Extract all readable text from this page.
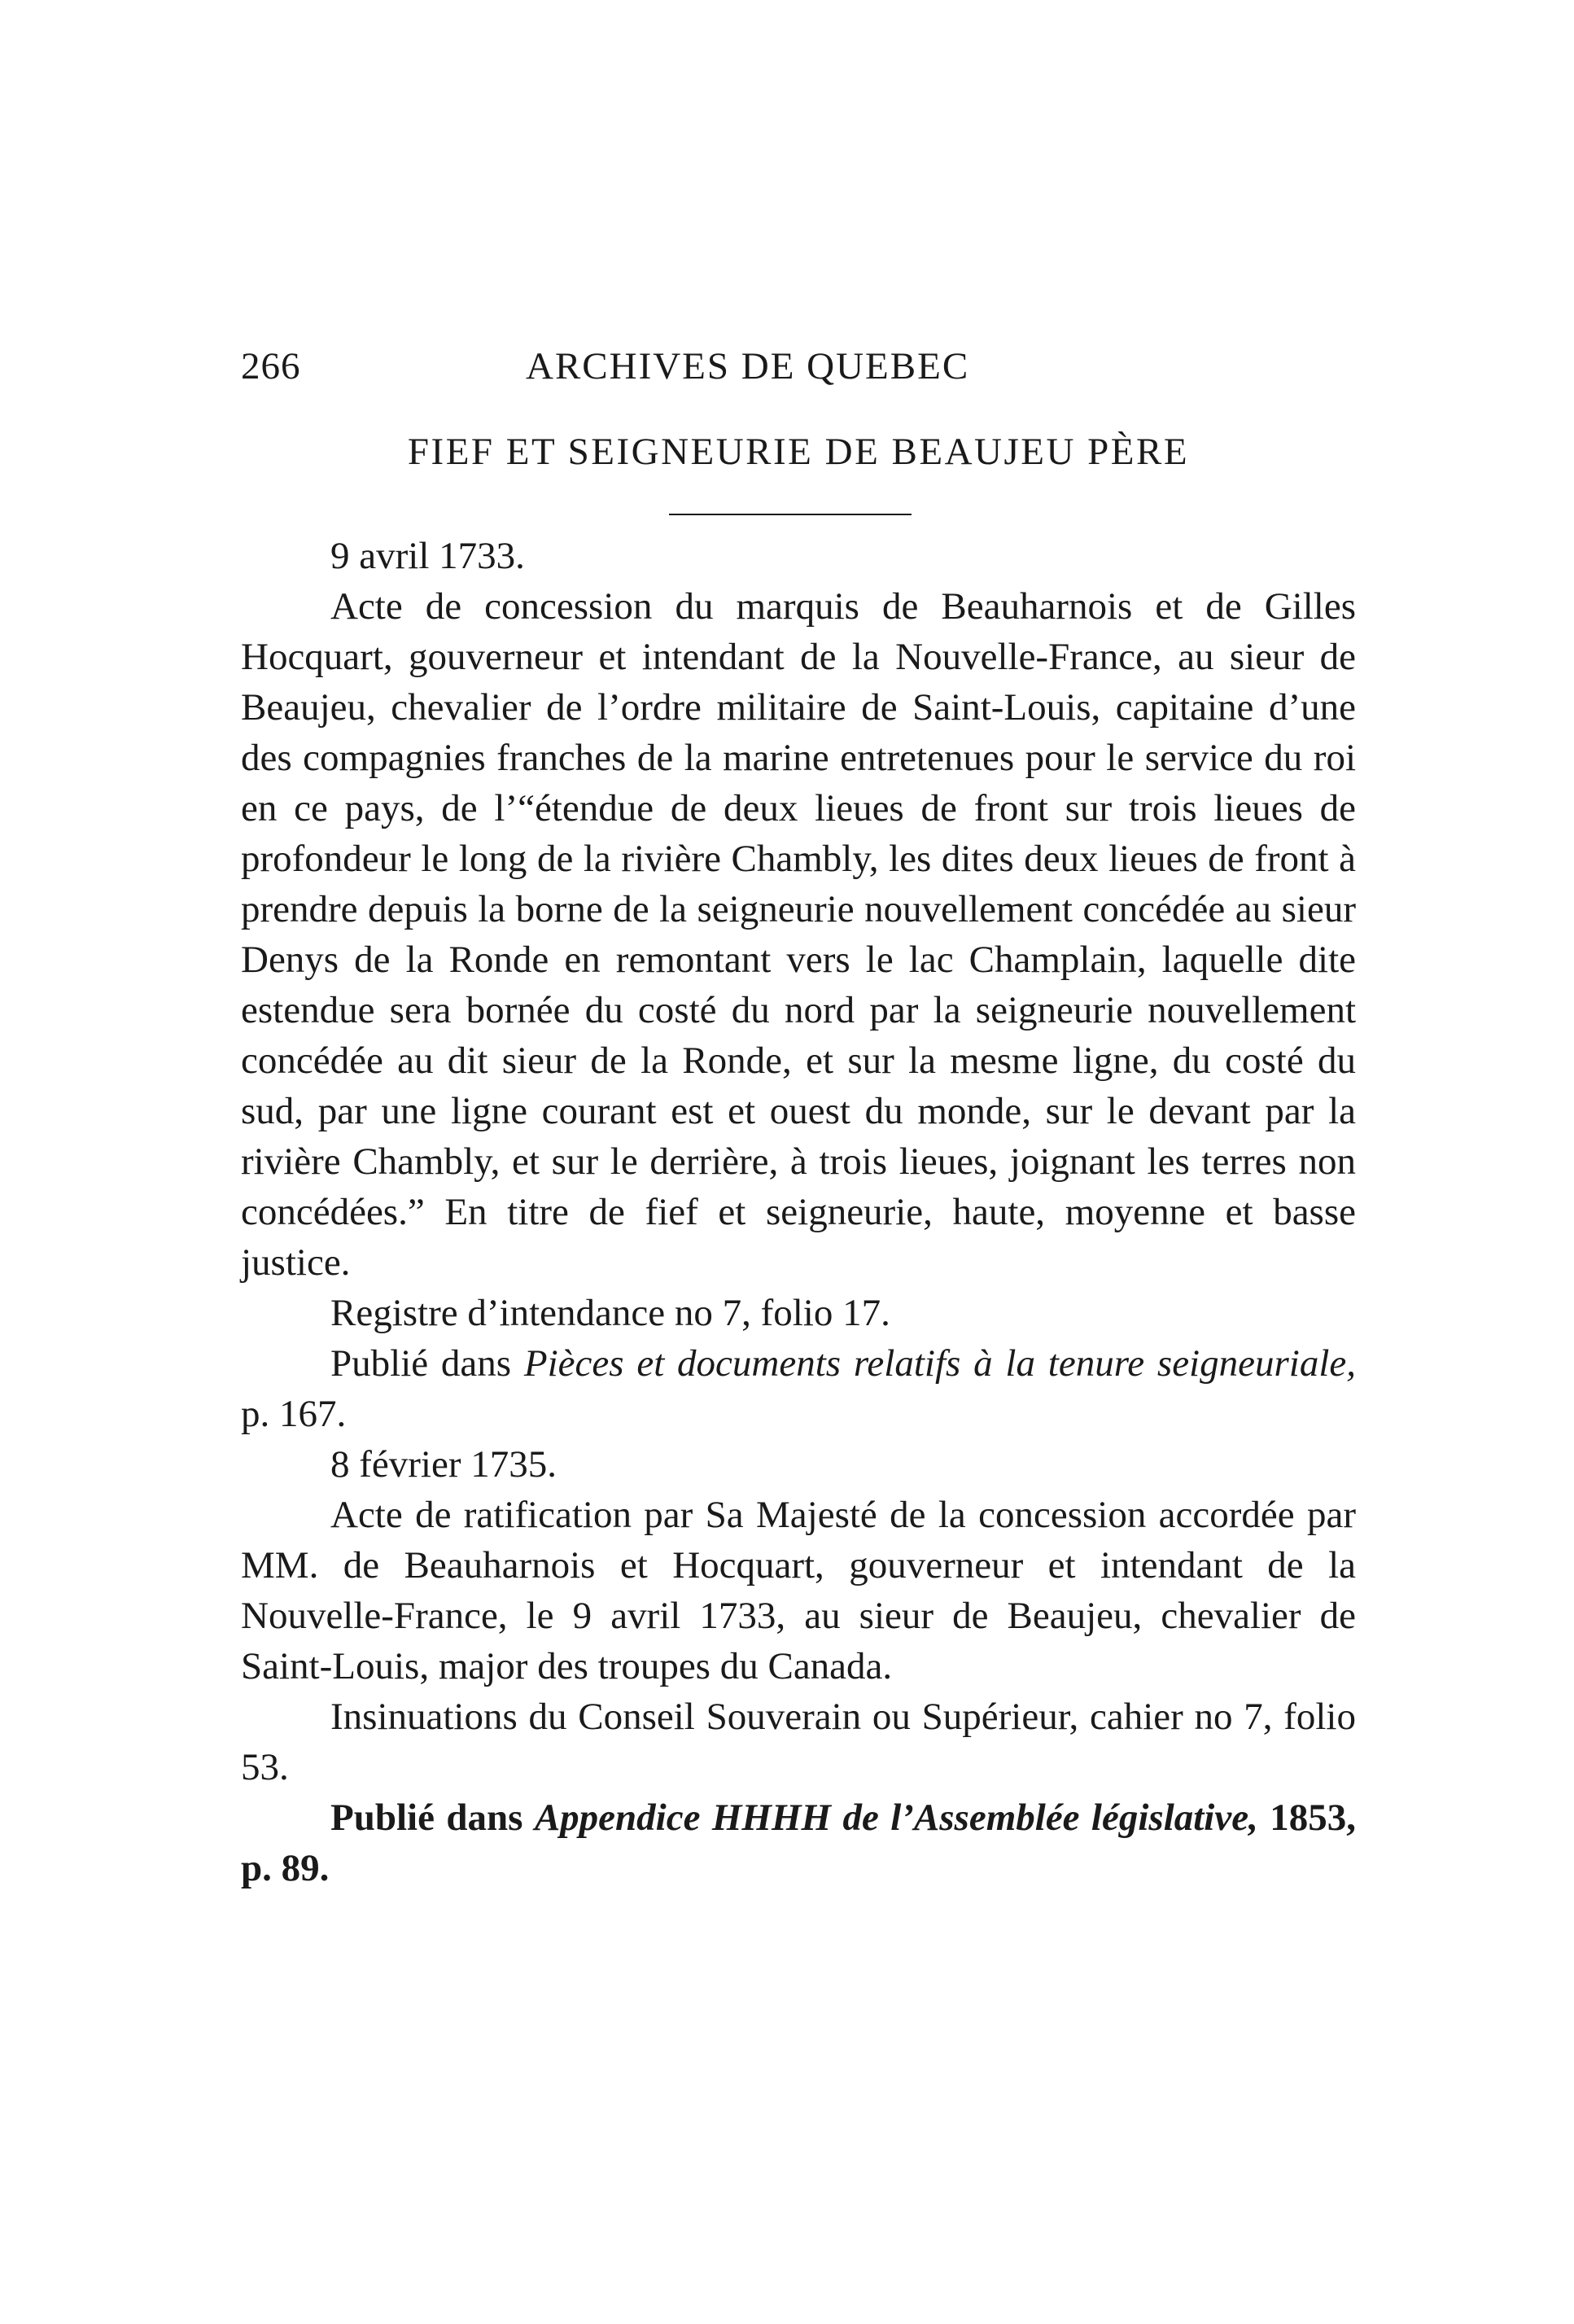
266	ARCHIVES DE QUEBEC
FIEF ET SEIGNEURIE DE BEAUJEU PÈRE

9 avril 1733.

Acte de concession du marquis de Beauharnois et de Gilles Hocquart, gouverneur et intendant de la Nouvelle-France, au sieur de Beaujeu, chevalier de l’ordre militaire de Saint-Louis, capitaine d’une des compagnies franches de la marine entretenues pour le service du roi en ce pays, de l’“étendue de deux lieues de front sur trois lieues de profondeur le long de la rivière Chambly, les dites deux lieues de front à prendre depuis la borne de la seigneurie nouvellement concédée au sieur Denys de la Ronde en remontant vers le lac Champlain, laquelle dite estendue sera bornée du costé du nord par la seigneurie nouvellement concédée au dit sieur de la Ronde, et sur la mesme ligne, du costé du sud, par une ligne courant est et ouest du monde, sur le devant par la rivière Chambly, et sur le derrière, à trois lieues, joignant les terres non concédées.” En titre de fief et seigneurie, haute, moyenne et basse justice.

Registre d’intendance no 7, folio 17.

Publié dans Pièces et documents relatifs à la tenure seigneuriale, p. 167.

8 février 1735.

Acte de ratification par Sa Majesté de la concession accordée par MM. de Beauharnois et Hocquart, gouverneur et intendant de la Nouvelle-France, le 9 avril 1733, au sieur de Beaujeu, chevalier de Saint-Louis, major des troupes du Canada.

Insinuations du Conseil Souverain ou Supérieur, cahier no 7, folio 53.

Publié dans Appendice HHHH de l’Assemblée législative, 1853, p. 89.
